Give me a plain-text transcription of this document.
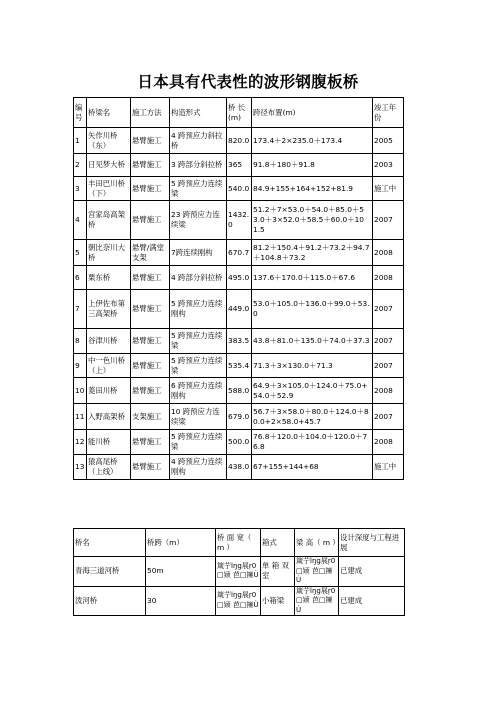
日本具有代表性的波形钢腹板桥
编号	桥梁名	施工方法	构造形式	桥 长(m)	跨径布置(m)	竣工年份
1	矢作川桥（东）	悬臂施工	4 跨预应力斜拉桥	820.0	173.4＋2×235.0＋173.4	2005
2	日见梦大桥	悬臂施工	3 跨部分斜拉桥	365	91.8＋180＋91.8	2003
3	丰田巴川桥（下）	悬臂施工	5 跨预应力连续梁	540.0	84.9+155+164+152+81.9	施工中
4	宫家岛高架桥	悬臂施工	23 跨预应力连续梁	1432.0	51.2＋7×53.0＋54.0＋85.0＋53.0＋3×52.0＋58.5＋60.0＋101.5	2007
5	朝比奈川大桥	悬臂/满堂支架	7跨连续刚构	670.7	81.2＋150.4＋91.2＋73.2＋94.7＋104.8＋73.2	2008
6	栗东桥	悬臂施工	4 跨部分斜拉桥	495.0	137.6＋170.0＋115.0＋67.6	2008
7	上伊佐布第三高架桥	悬臂施工	5 跨预应力连续刚构	449.0	53.0＋105.0＋136.0＋99.0＋53.0	2007
8	谷津川桥	悬臂施工	5 跨预应力连续梁	383.5	43.8＋81.0＋135.0＋74.0＋37.3	2007
9	中一色川桥（上）	悬臂施工	5 跨预应力连续梁	535.4	71.3＋3×130.0＋71.3	2007
10	菱田川桥	悬臂施工	6 跨预应力连续刚构	588.0	64.9＋3×105.0＋124.0＋75.0+54.0＋52.9	2008
11	入野高架桥	支架施工	10 跨预应力连续梁	679.0	56.7＋3×58.0＋80.0＋124.0＋80.0+2×58.0+45.7	2007
12	能川桥	悬臂施工	5 跨预应力连续梁	500.0	76.8＋120.0＋104.0＋120.0＋76.8	2008
13	猿高尾桥（上线）	悬臂施工	4 跨预应力连续刚构	438.0	67+155+144+68	施工中
桥名	桥跨（m）	桥 面 宽（ m ）	箱式	梁 高（ m ）	设计深度与工程进展
青海三道河桥	50m	箴艼lŋg展ŗ0□颎 芭□擁Ù	单 箱 双室	箴艼lŋg展ŗ0□颎 芭□擁Ù	已建成
泼河桥	30	箴艼lŋg展ŗ0□颎 芭□擁Ù	小箱梁	箴艼lŋg展ŗ0□颎 芭□擁Ù	已建成
